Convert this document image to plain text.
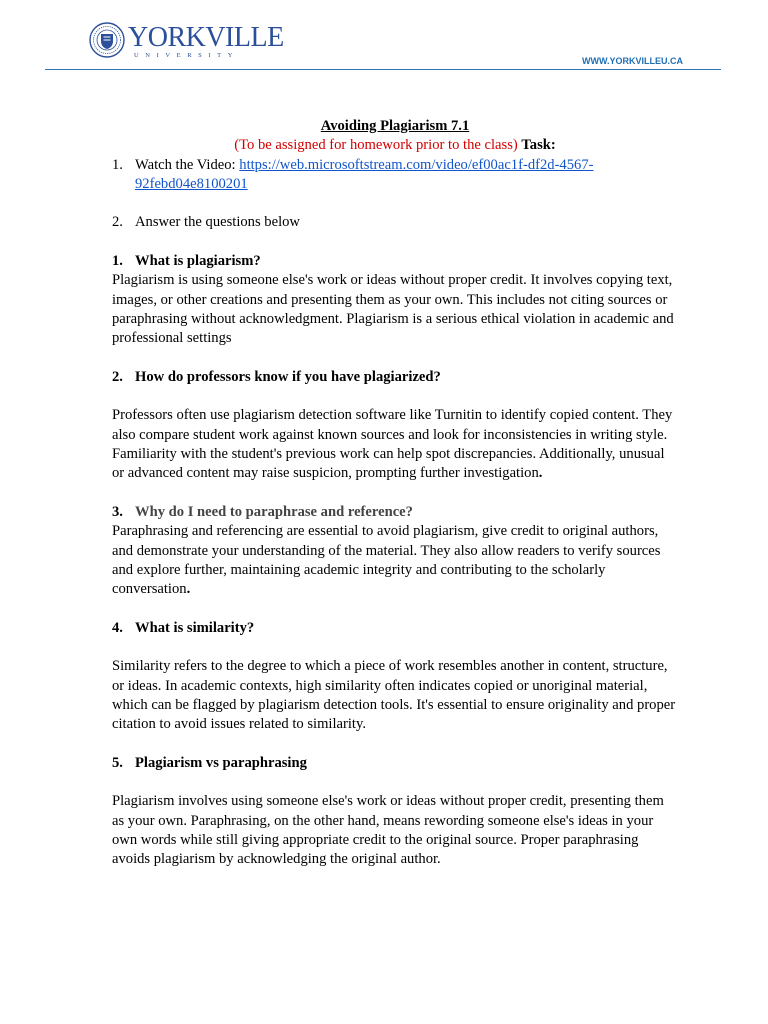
YORKVILLE
UNIVERSITY
WWW.YORKVILLEU.CA
Avoiding Plagiarism 7.1
(To be assigned for homework prior to the class) Task:
1. Watch the Video: https://web.microsoftstream.com/video/ef00ac1f-df2d-4567-
92febd04e8100201
2. Answer the questions below
1. What is plagiarism?

Plagiarism is using someone else's work or ideas without proper credit. It involves copying text, images, or other creations and presenting them as your own. This includes not citing sources or paraphrasing without acknowledgment. Plagiarism is a serious ethical violation in academic and professional settings

2. How do professors know if you have plagiarized?

Professors often use plagiarism detection software like Turnitin to identify copied content. They also compare student work against known sources and look for inconsistencies in writing style. Familiarity with the student's previous work can help spot discrepancies. Additionally, unusual or advanced content may raise suspicion, prompting further investigation.

3. Why do I need to paraphrase and reference?

Paraphrasing and referencing are essential to avoid plagiarism, give credit to original authors, and demonstrate your understanding of the material. They also allow readers to verify sources and explore further, maintaining academic integrity and contributing to the scholarly conversation.

4. What is similarity?

Similarity refers to the degree to which a piece of work resembles another in content, structure, or ideas. In academic contexts, high similarity often indicates copied or unoriginal material, which can be flagged by plagiarism detection tools. It's essential to ensure originality and proper citation to avoid issues related to similarity.

5. Plagiarism vs paraphrasing

Plagiarism involves using someone else's work or ideas without proper credit, presenting them as your own. Paraphrasing, on the other hand, means rewording someone else's ideas in your own words while still giving appropriate credit to the original source. Proper paraphrasing avoids plagiarism by acknowledging the original author.
